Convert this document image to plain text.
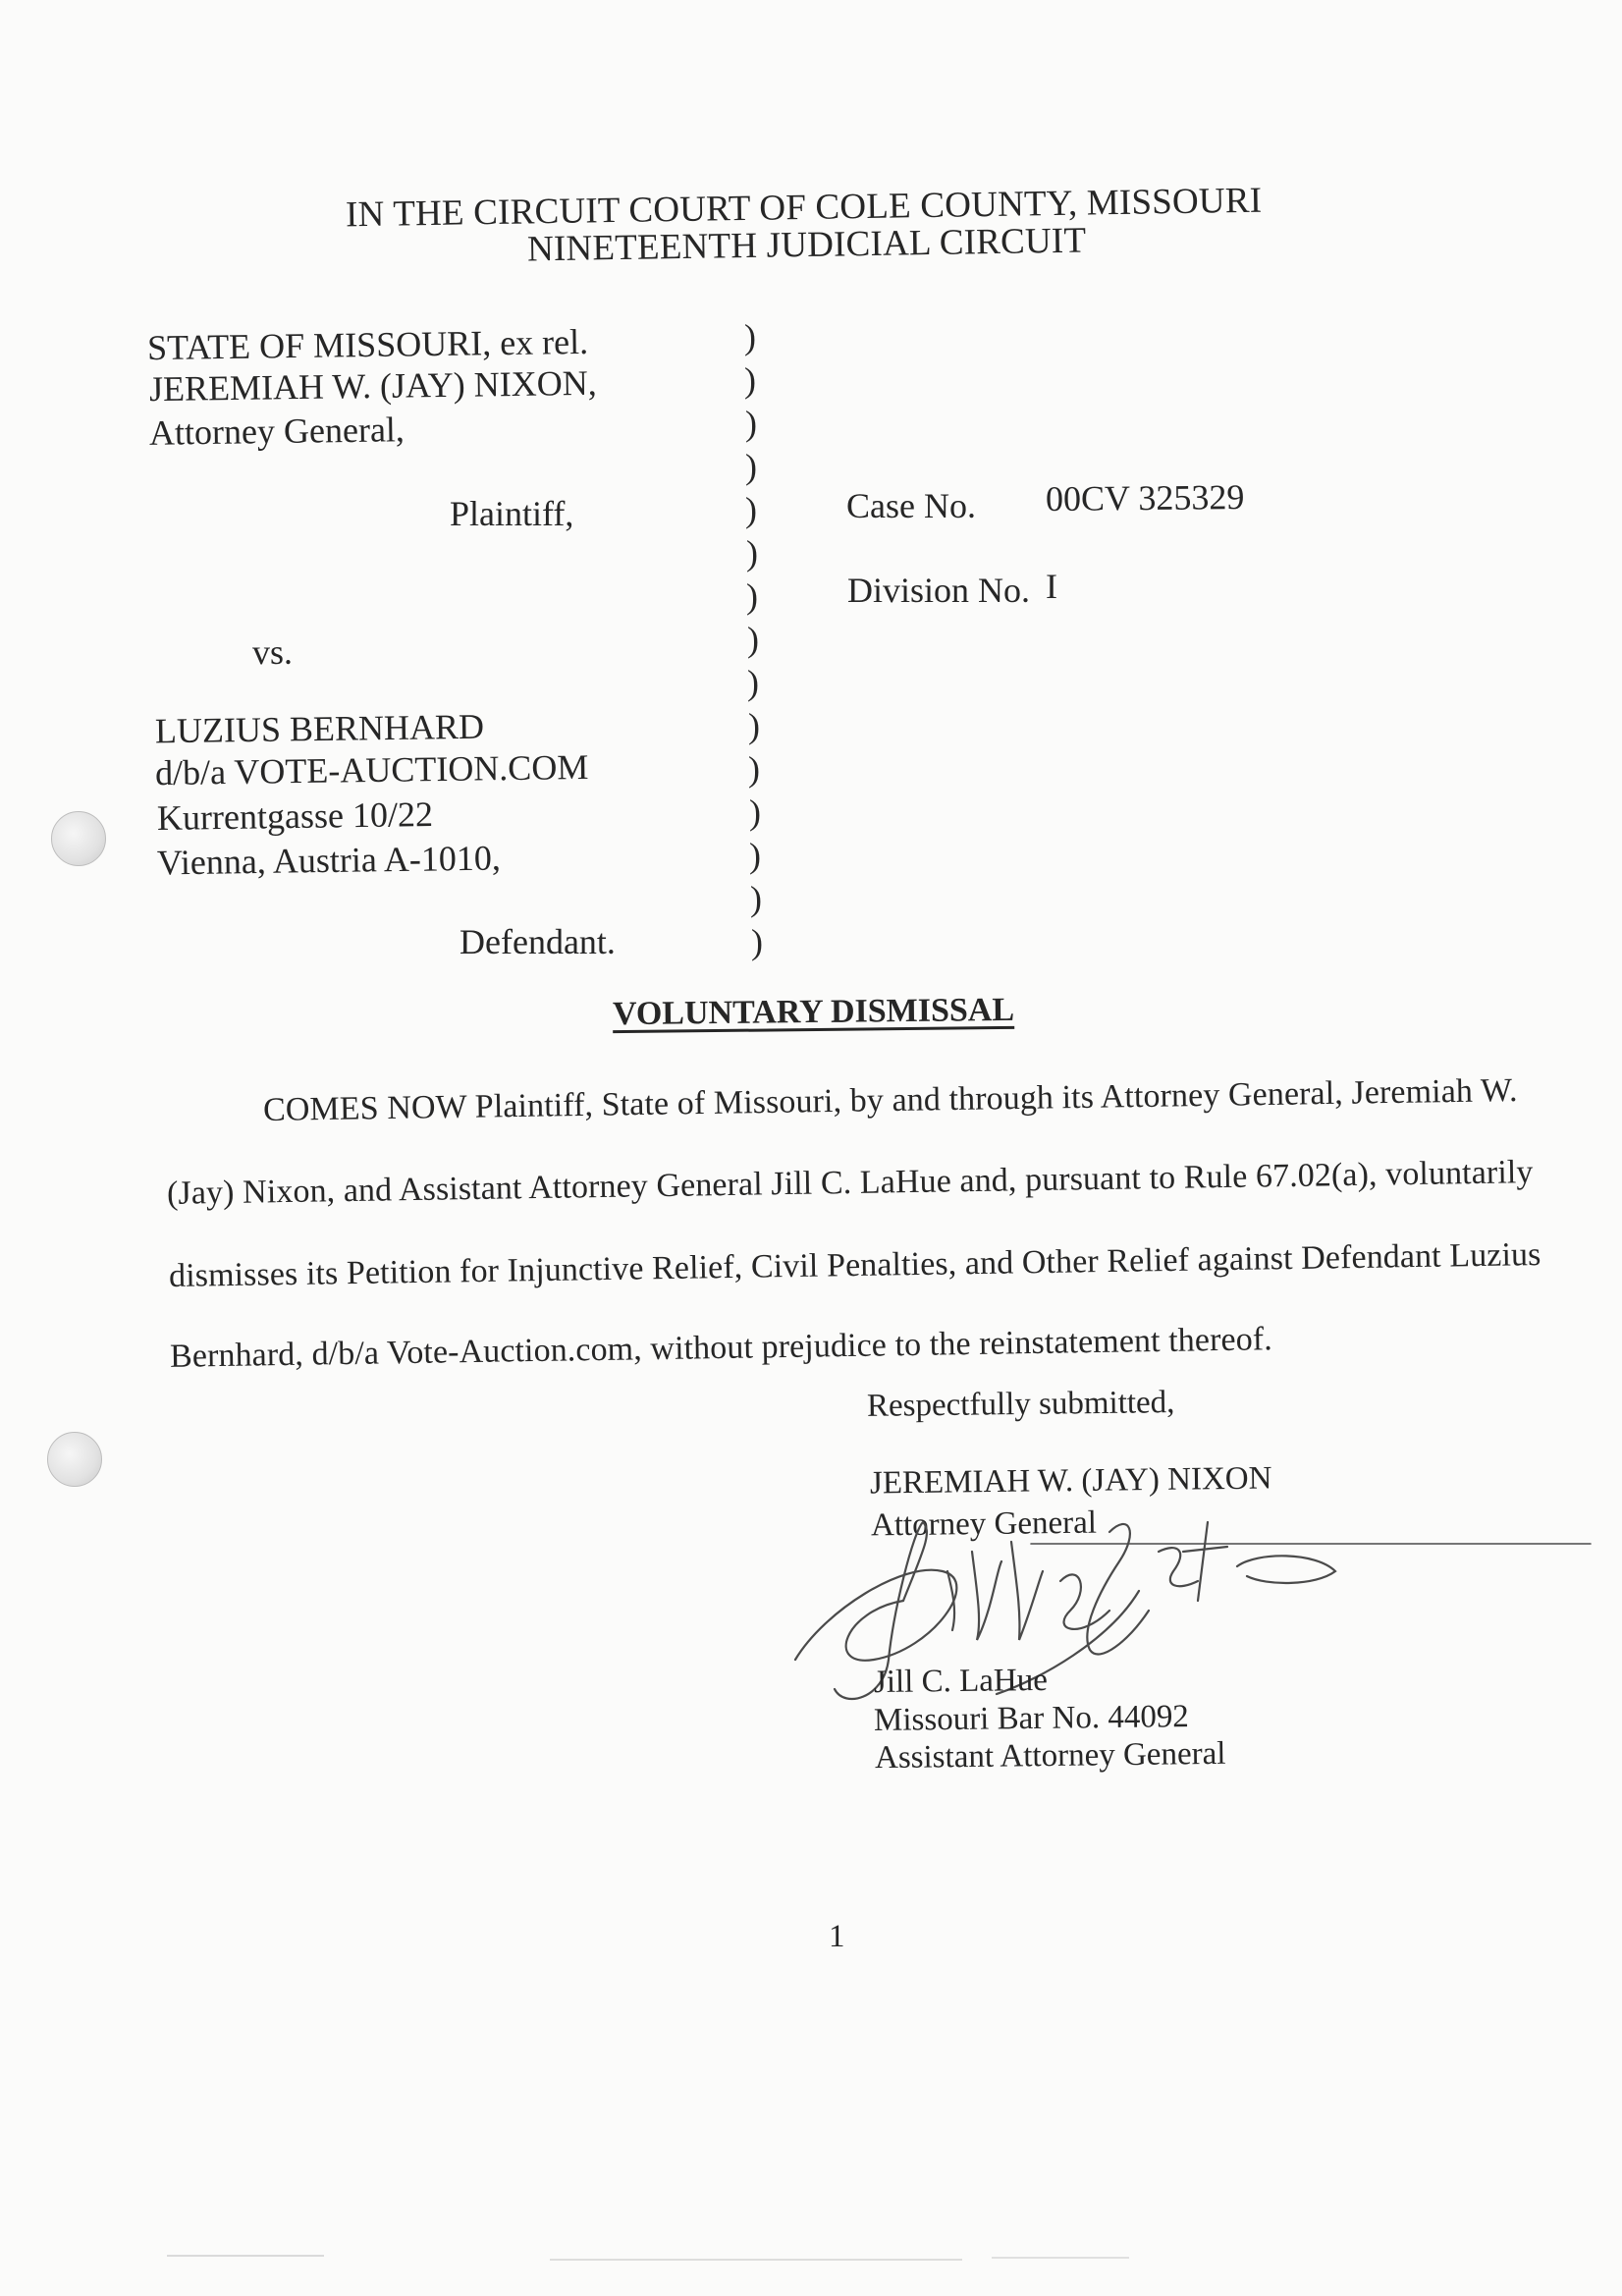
IN THE CIRCUIT COURT OF COLE COUNTY, MISSOURI
NINETEENTH JUDICIAL CIRCUIT
STATE OF MISSOURI, ex rel.
JEREMIAH W. (JAY) NIXON,
Attorney General,
Plaintiff,
vs.
LUZIUS BERNHARD
d/b/a VOTE-AUCTION.COM
Kurrentgasse 10/22
Vienna, Austria A-1010,
Defendant.
)
)
)
)
)
)
)
)
)
)
)
)
)
)
)
Case No. 00CV 325329
Division No. I
VOLUNTARY DISMISSAL
COMES NOW Plaintiff, State of Missouri, by and through its Attorney General, Jeremiah W.
(Jay) Nixon, and Assistant Attorney General Jill C. LaHue and, pursuant to Rule 67.02(a), voluntarily
dismisses its Petition for Injunctive Relief, Civil Penalties, and Other Relief against Defendant Luzius
Bernhard, d/b/a Vote-Auction.com, without prejudice to the reinstatement thereof.
Respectfully submitted,
JEREMIAH W. (JAY) NIXON
Attorney General
Jill C. LaHue
Missouri Bar No. 44092
Assistant Attorney General
1
